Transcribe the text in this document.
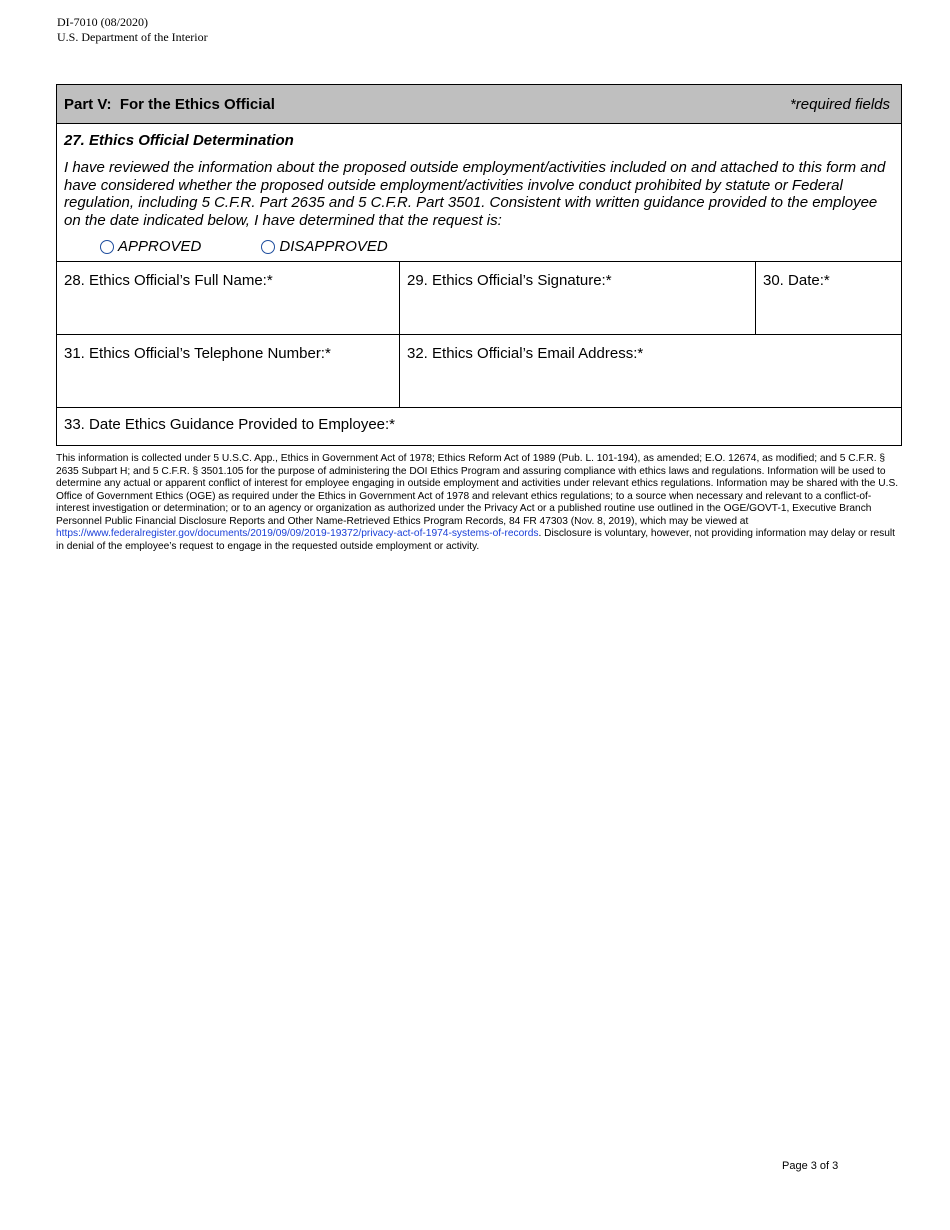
DI-7010 (08/2020)
U.S. Department of the Interior
Part V:  For the Ethics Official	*required fields
27. Ethics Official Determination
I have reviewed the information about the proposed outside employment/activities included on and attached to this form and have considered whether the proposed outside employment/activities involve conduct prohibited by statute or Federal regulation, including 5 C.F.R. Part 2635 and 5 C.F.R. Part 3501. Consistent with written guidance provided to the employee on the date indicated below, I have determined that the request is:
APPROVED	DISAPPROVED
28. Ethics Official’s Full Name:*	29. Ethics Official’s Signature:*	30. Date:*
31. Ethics Official’s Telephone Number:*	32. Ethics Official’s Email Address:*
33. Date Ethics Guidance Provided to Employee:*
This information is collected under 5 U.S.C. App., Ethics in Government Act of 1978; Ethics Reform Act of 1989 (Pub. L. 101-194), as amended; E.O. 12674, as modified; and 5 C.F.R. § 2635 Subpart H; and 5 C.F.R. § 3501.105 for the purpose of administering the DOI Ethics Program and assuring compliance with ethics laws and regulations. Information will be used to determine any actual or apparent conflict of interest for employee engaging in outside employment and activities under relevant ethics regulations. Information may be shared with the U.S. Office of Government Ethics (OGE) as required under the Ethics in Government Act of 1978 and relevant ethics regulations; to a source when necessary and relevant to a conflict-of-interest investigation or determination; or to an agency or organization as authorized under the Privacy Act or a published routine use outlined in the OGE/GOVT-1, Executive Branch Personnel Public Financial Disclosure Reports and Other Name-Retrieved Ethics Program Records, 84 FR 47303 (Nov. 8, 2019), which may be viewed at https://www.federalregister.gov/documents/2019/09/09/2019-19372/privacy-act-of-1974-systems-of-records. Disclosure is voluntary, however, not providing information may delay or result in denial of the employee’s request to engage in the requested outside employment or activity.
Page 3 of 3
